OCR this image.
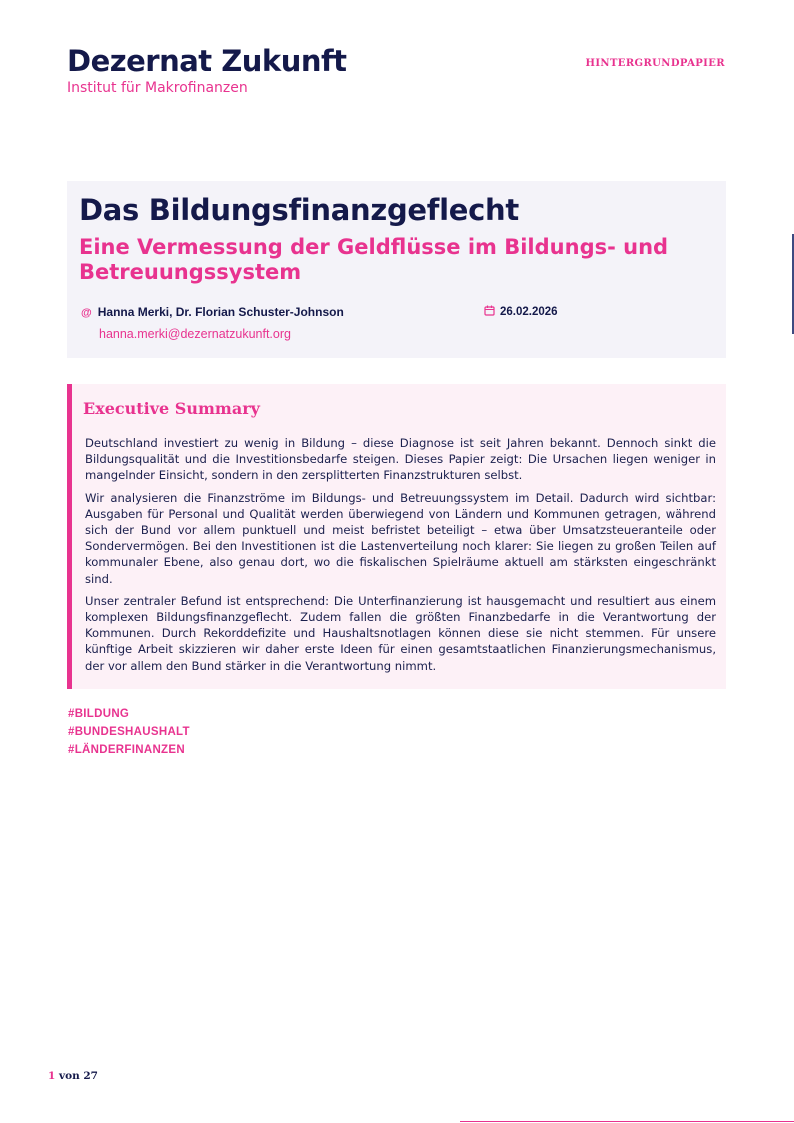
Dezernat Zukunft
Institut für Makrofinanzen
HINTERGRUNDPAPIER
Das Bildungsfinanzgeflecht
Eine Vermessung der Geldflüsse im Bildungs- und Betreuungssystem
@ Hanna Merki, Dr. Florian Schuster-Johnson
hanna.merki@dezernatzukunft.org
26.02.2026
Executive Summary

Deutschland investiert zu wenig in Bildung – diese Diagnose ist seit Jahren bekannt. Dennoch sinkt die Bildungsqualität und die Investitionsbedarfe steigen. Dieses Papier zeigt: Die Ursachen liegen weniger in mangelnder Einsicht, sondern in den zersplitterten Finanzstrukturen selbst.

Wir analysieren die Finanzströme im Bildungs- und Betreuungssystem im Detail. Dadurch wird sichtbar: Ausgaben für Personal und Qualität werden überwiegend von Ländern und Kommunen getragen, während sich der Bund vor allem punktuell und meist befristet beteiligt – etwa über Umsatzsteueranteile oder Sondervermögen. Bei den Investitionen ist die Lastenverteilung noch klarer: Sie liegen zu großen Teilen auf kommunaler Ebene, also genau dort, wo die fiskalischen Spielräume aktuell am stärksten eingeschränkt sind.

Unser zentraler Befund ist entsprechend: Die Unterfinanzierung ist hausgemacht und resultiert aus einem komplexen Bildungsfinanzgeflecht. Zudem fallen die größten Finanzbedarfe in die Verantwortung der Kommunen. Durch Rekorddefizite und Haushaltsnotlagen können diese sie nicht stemmen. Für unsere künftige Arbeit skizzieren wir daher erste Ideen für einen gesamtstaatlichen Finanzierungsmechanismus, der vor allem den Bund stärker in die Verantwortung nimmt.

#BILDUNG
#BUNDESHAUSHALT
#LÄNDERFINANZEN
1 von 27
